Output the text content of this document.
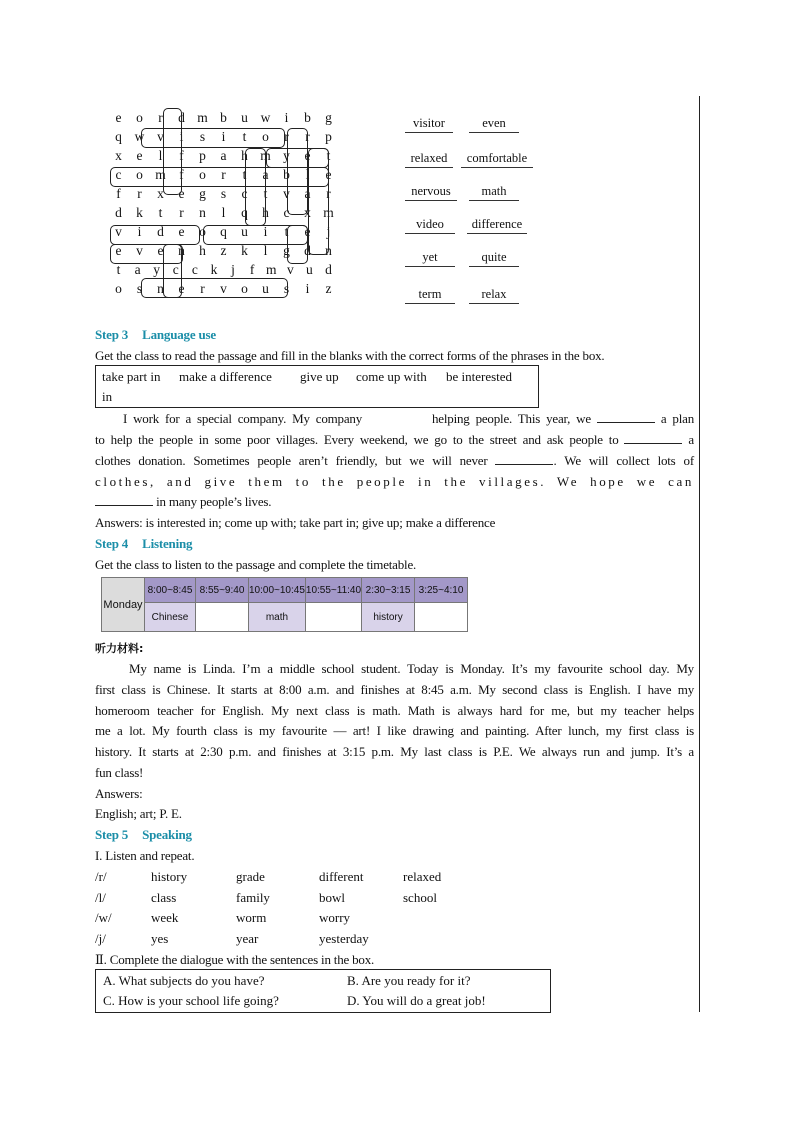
e	o	r	d m b	u w	i	b	g
q w v	i	s	i	t	o	r	r	p
x	e	l	f	p	a	h m y	e	t
c	o m	f	o	r	t	a	b	l	e
f	r	x	e	g	s	c	t	v	a	r
d	k	t	r	n	l	q	h	c	x m
v	i	d	e	o	q	u	i	t	e	j
e	v	e	n	h	z	k	l	g	d	n
t	a y c c k	j	f m v u d
o	s	n	e	r	v	o	u	s	i	z
visitor	even
relaxed	comfortable
nervous	math
video	difference
yet	quite
term	relax
Step 3 Language use
Get the class to read the passage and fill in the blanks with the correct forms of the phrases in the box.
take part in make a difference give up come up with be interested
in
I work for a special company. My company	helping people. This year, we	a plan
to help the people in some poor villages. Every weekend, we go to the street and ask people to	a
clothes donation. Sometimes people aren’t friendly, but we will never	. We will collect lots of
clothes, and give them to the people in the villages. We hope we can
in many people’s lives.
Answers: is interested in; come up with; take part in; give up; make a difference
Step 4 Listening
Get the class to listen to the passage and complete the timetable.
Monday	8:00~8:45	8:55~9:40	10:00~10:45	10:55~11:40	2:30~3:15	3:25~4:10
	Chinese		math		history	
听力材料:
My name is Linda. I’m a middle school student. Today is Monday. It’s my favourite school day. My
first class is Chinese. It starts at 8:00 a.m. and finishes at 8:45 a.m. My second class is English. I have my
homeroom teacher for English. My next class is math. Math is always hard for me, but my teacher helps
me a lot. My fourth class is my favourite — art! I like drawing and painting. After lunch, my first class is
history. It starts at 2:30 p.m. and finishes at 3:15 p.m. My last class is P.E. We always run and jump. It’s a
fun class!
Answers:
English; art; P. E.
Step 5 Speaking
I. Listen and repeat.
/r/	history	grade	different	relaxed
/l/	class	family	bowl	school
/w/	week	worm	worry
/j/	yes	year	yesterday
Ⅱ. Complete the dialogue with the sentences in the box.
A. What subjects do you have?	B. Are you ready for it?
C. How is your school life going?	D. You will do a great job!
